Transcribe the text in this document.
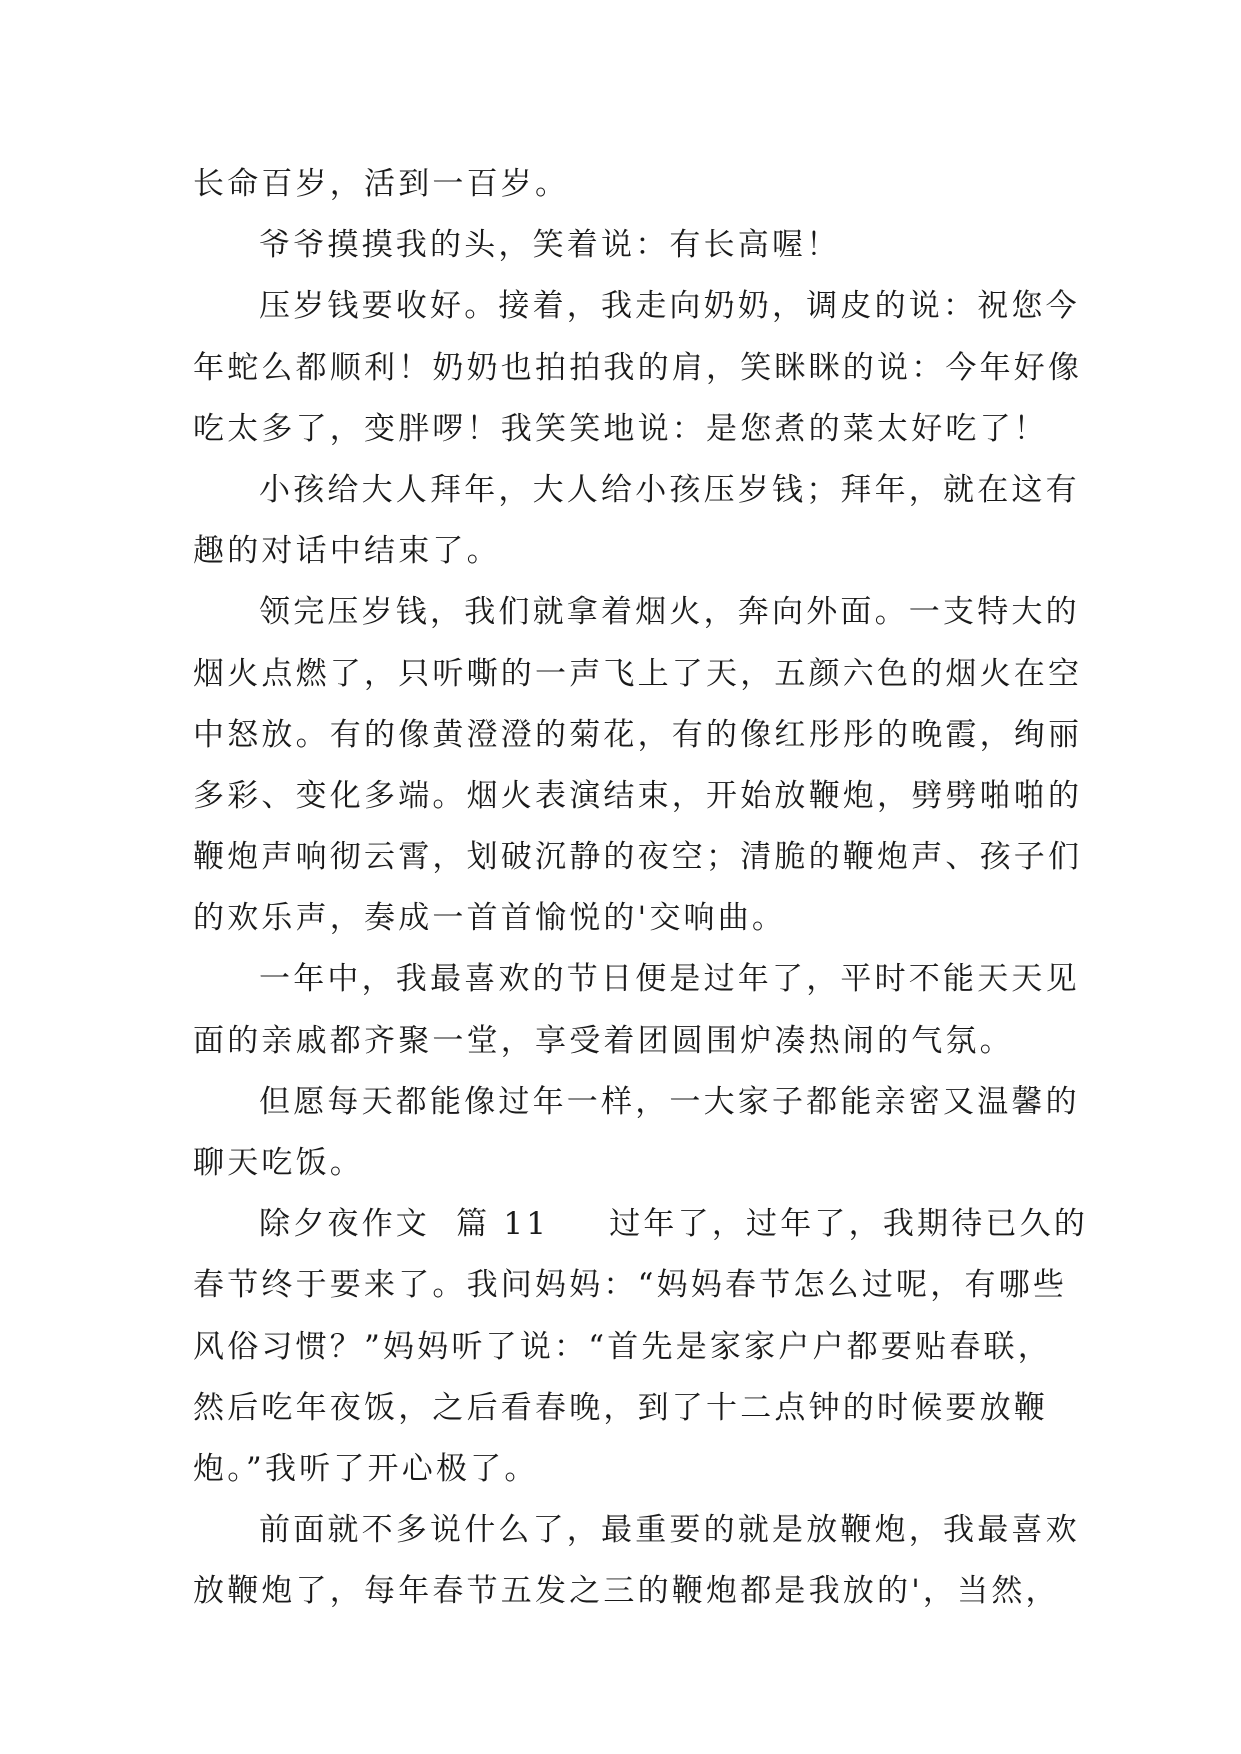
长命百岁，活到一百岁。
爷爷摸摸我的头，笑着说：有长高喔！
压岁钱要收好。接着，我走向奶奶，调皮的说：祝您今
年蛇么都顺利！奶奶也拍拍我的肩，笑眯眯的说：今年好像
吃太多了，变胖啰！我笑笑地说：是您煮的菜太好吃了！
小孩给大人拜年，大人给小孩压岁钱；拜年，就在这有
趣的对话中结束了。
领完压岁钱，我们就拿着烟火，奔向外面。一支特大的
烟火点燃了，只听嘶的一声飞上了天，五颜六色的烟火在空
中怒放。有的像黄澄澄的菊花，有的像红彤彤的晚霞，绚丽
多彩、变化多端。烟火表演结束，开始放鞭炮，劈劈啪啪的
鞭炮声响彻云霄，划破沉静的夜空；清脆的鞭炮声、孩子们
的欢乐声，奏成一首首愉悦的'交响曲。
一年中，我最喜欢的节日便是过年了，平时不能天天见
面的亲戚都齐聚一堂，享受着团圆围炉凑热闹的气氛。
但愿每天都能像过年一样，一大家子都能亲密又温馨的
聊天吃饭。
除夕夜作文  篇 11 过年了，过年了，我期待已久的
春节终于要来了。我问妈妈：“妈妈春节怎么过呢，有哪些
风俗习惯？”妈妈听了说：“首先是家家户户都要贴春联，
然后吃年夜饭，之后看春晚，到了十二点钟的时候要放鞭
炮。”我听了开心极了。
前面就不多说什么了，最重要的就是放鞭炮，我最喜欢
放鞭炮了，每年春节五发之三的鞭炮都是我放的'，当然，
